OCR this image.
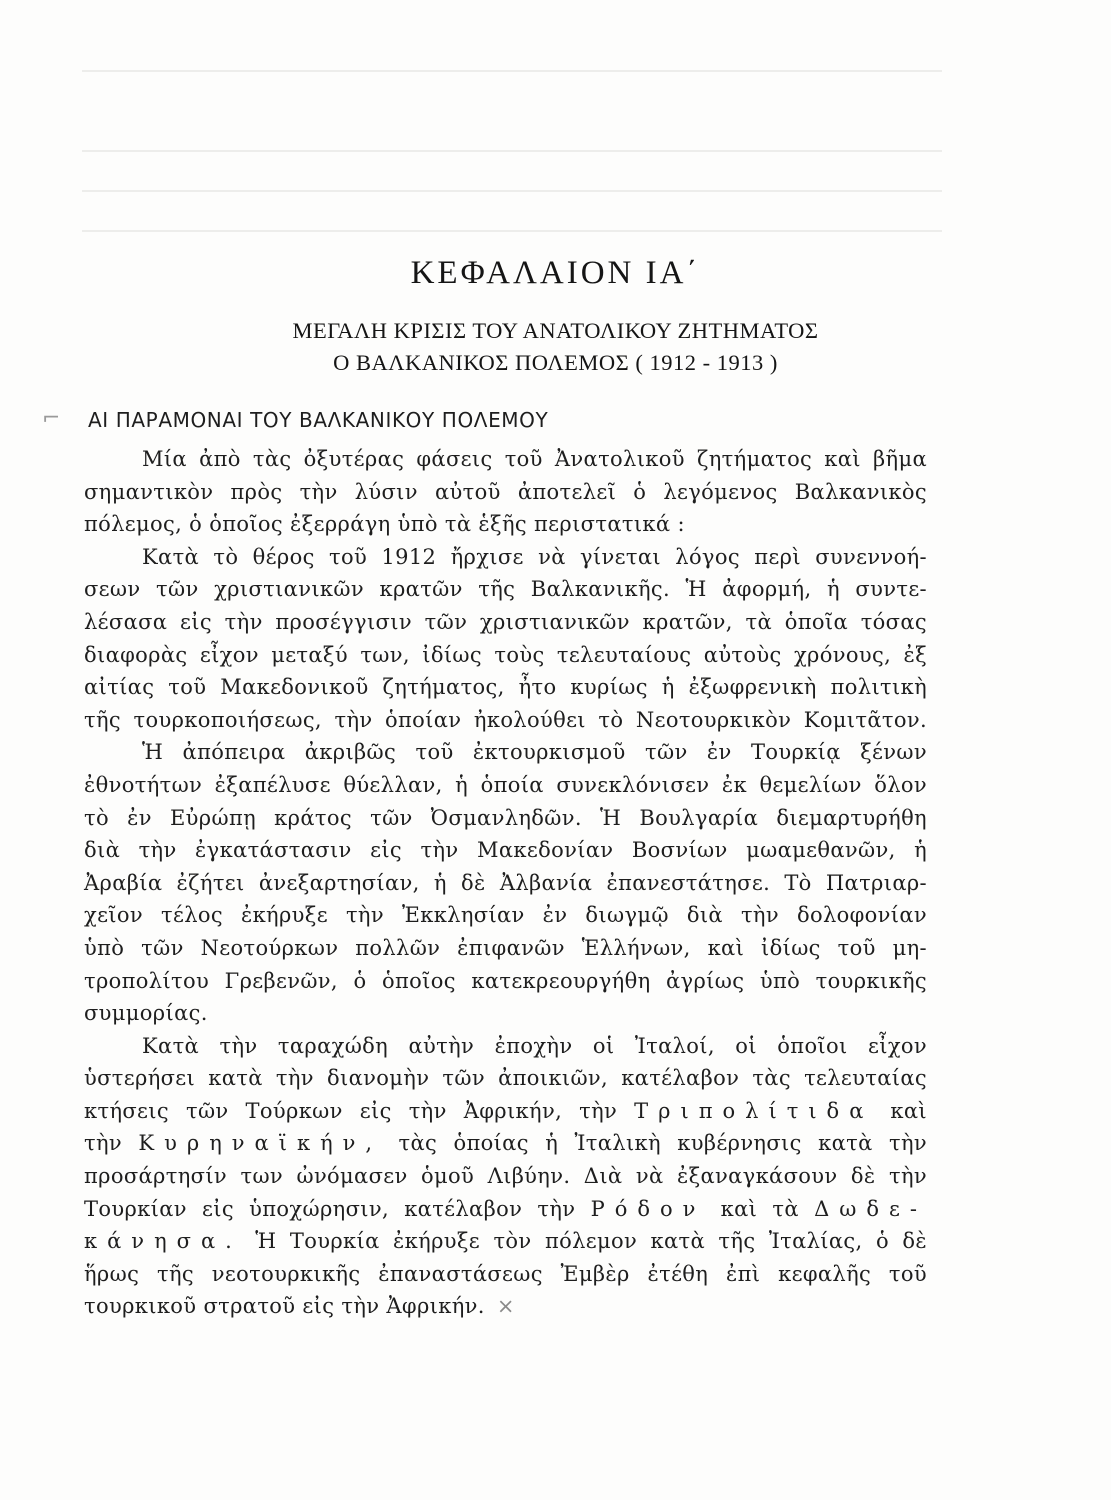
ΚΕΦΑΛΑΙΟΝ ΙΑ΄
ΜΕΓΑΛΗ ΚΡΙΣΙΣ ΤΟΥ ΑΝΑΤΟΛΙΚΟΥ ΖΗΤΗΜΑΤΟΣ
Ο ΒΑΛΚΑΝΙΚΟΣ ΠΟΛΕΜΟΣ ( 1912 - 1913 )
⌐ ΑΙ ΠΑΡΑΜΟΝΑΙ ΤΟΥ ΒΑΛΚΑΝΙΚΟΥ ΠΟΛΕΜΟΥ
Μία ἀπὸ τὰς ὀξυτέρας φάσεις τοῦ Ἀνατολικοῦ ζητήματος καὶ βῆμα
σημαντικὸν πρὸς τὴν λύσιν αὐτοῦ ἀποτελεῖ ὁ λεγόμενος Βαλκανικὸς
πόλεμος, ὁ ὁποῖος ἐξερράγη ὑπὸ τὰ ἑξῆς περιστατικά :
Κατὰ τὸ θέρος τοῦ 1912 ἤρχισε νὰ γίνεται λόγος περὶ συνεννοή-
σεων τῶν χριστιανικῶν κρατῶν τῆς Βαλκανικῆς. Ἡ ἀφορμή, ἡ συντε-
λέσασα εἰς τὴν προσέγγισιν τῶν χριστιανικῶν κρατῶν, τὰ ὁποῖα τόσας
διαφορὰς εἶχον μεταξύ των, ἰδίως τοὺς τελευταίους αὐτοὺς χρόνους, ἐξ
αἰτίας τοῦ Μακεδονικοῦ ζητήματος, ἦτο κυρίως ἡ ἐξωφρενικὴ πολιτικὴ
τῆς τουρκοποιήσεως, τὴν ὁποίαν ἠκολούθει τὸ Νεοτουρκικὸν Κομιτᾶτον.
Ἡ ἀπόπειρα ἀκριβῶς τοῦ ἐκτουρκισμοῦ τῶν ἐν Τουρκίᾳ ξένων
ἐθνοτήτων ἐξαπέλυσε θύελλαν, ἡ ὁποία συνεκλόνισεν ἐκ θεμελίων ὅλον
τὸ ἐν Εὐρώπῃ κράτος τῶν Ὀσμανληδῶν. Ἡ Βουλγαρία διεμαρτυρήθη
διὰ τὴν ἐγκατάστασιν εἰς τὴν Μακεδονίαν Βοσνίων μωαμεθανῶν, ἡ
Ἀραβία ἐζήτει ἀνεξαρτησίαν, ἡ δὲ Ἀλβανία ἐπανεστάτησε. Τὸ Πατριαρ-
χεῖον τέλος ἐκήρυξε τὴν Ἐκκλησίαν ἐν διωγμῷ διὰ τὴν δολοφονίαν
ὑπὸ τῶν Νεοτούρκων πολλῶν ἐπιφανῶν Ἑλλήνων, καὶ ἰδίως τοῦ μη-
τροπολίτου Γρεβενῶν, ὁ ὁποῖος κατεκρεουργήθη ἀγρίως ὑπὸ τουρκικῆς
συμμορίας.
Κατὰ τὴν ταραχώδη αὐτὴν ἐποχὴν οἱ Ἰταλοί, οἱ ὁποῖοι εἶχον
ὑστερήσει κατὰ τὴν διανομὴν τῶν ἀποικιῶν, κατέλαβον τὰς τελευταίας
κτήσεις τῶν Τούρκων εἰς τὴν Ἀφρικήν, τὴν Τριπολίτιδα καὶ
τὴν Κυρηναϊκήν, τὰς ὁποίας ἡ Ἰταλικὴ κυβέρνησις κατὰ τὴν
προσάρτησίν των ὠνόμασεν ὁμοῦ Λιβύην. Διὰ νὰ ἐξαναγκάσουν δὲ τὴν
Τουρκίαν εἰς ὑποχώρησιν, κατέλαβον τὴν Ρόδον καὶ τὰ Δωδε-
κάνησα. Ἡ Τουρκία ἐκήρυξε τὸν πόλεμον κατὰ τῆς Ἰταλίας, ὁ δὲ
ἥρως τῆς νεοτουρκικῆς ἐπαναστάσεως Ἐμβὲρ ἐτέθη ἐπὶ κεφαλῆς τοῦ
τουρκικοῦ στρατοῦ εἰς τὴν Ἀφρικήν. ⨯
